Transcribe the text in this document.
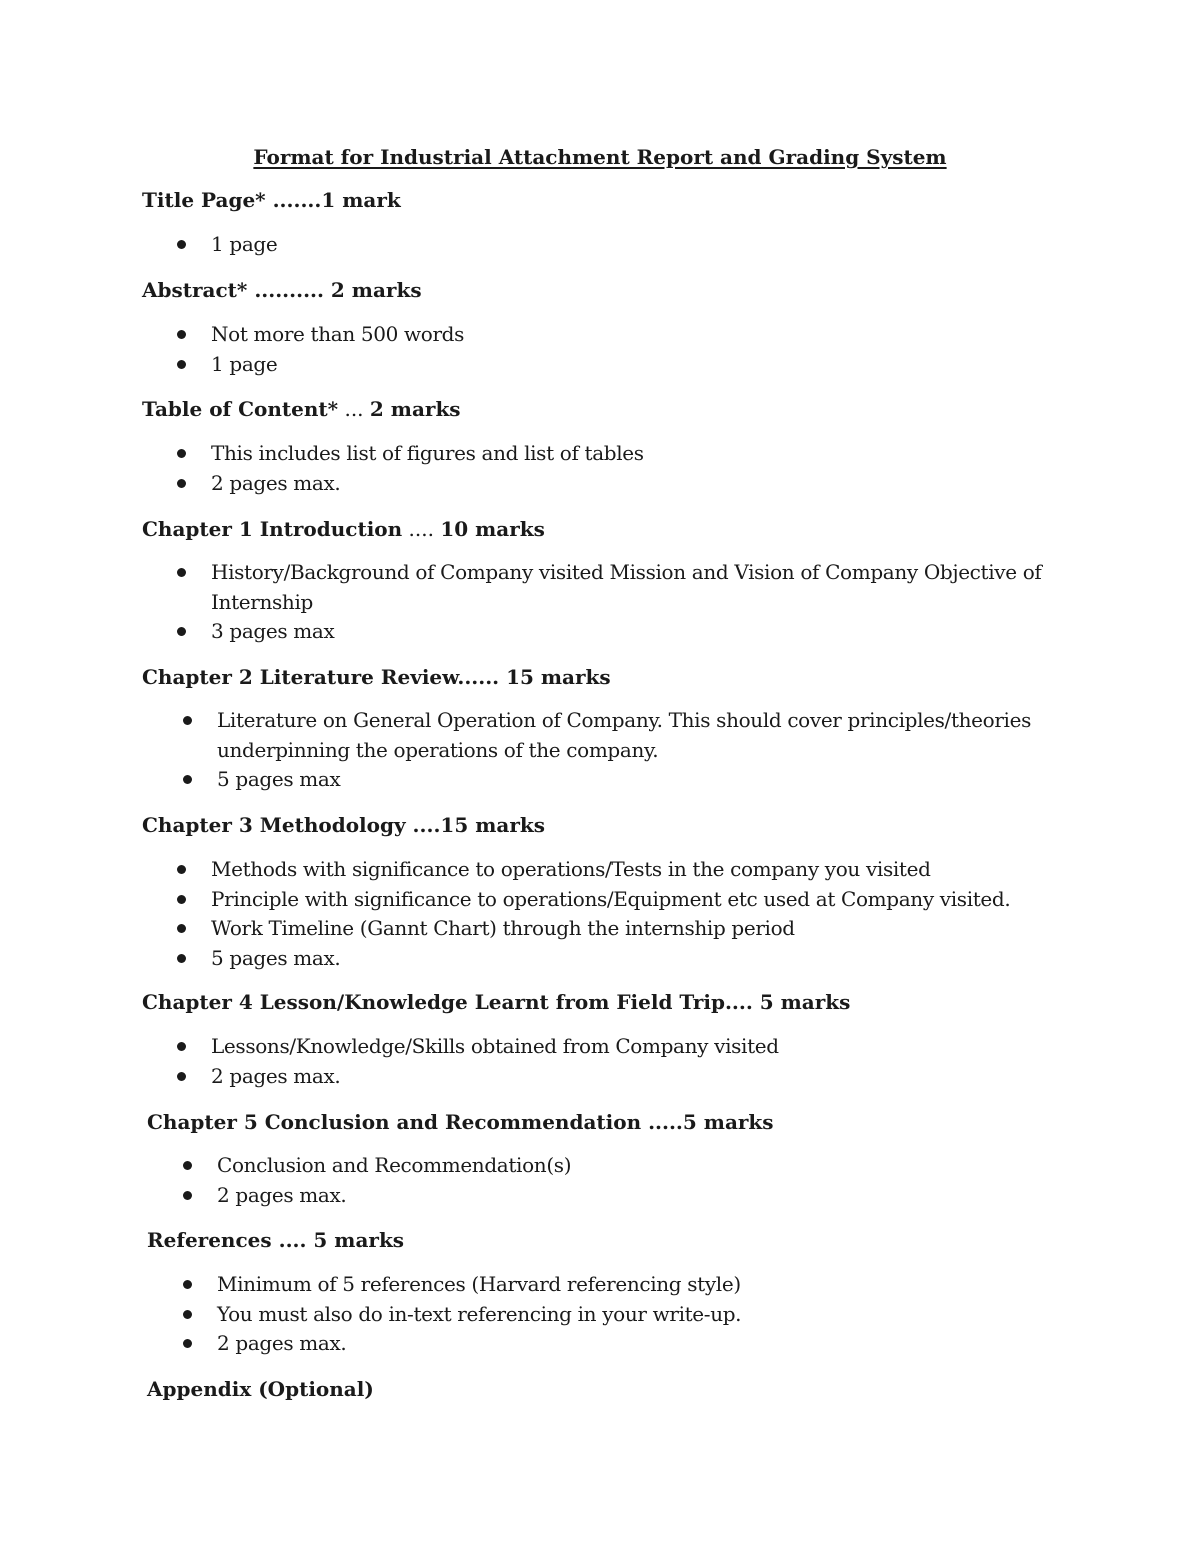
Format for Industrial Attachment Report and Grading System

Title Page* .......1 mark

1 page

Abstract* .......... 2 marks

Not more than 500 words
1 page

Table of Content* ... 2 marks

This includes list of figures and list of tables
2 pages max.

Chapter 1 Introduction .... 10 marks

History/Background of Company visited Mission and Vision of Company Objective of Internship
3 pages max

Chapter 2 Literature Review...... 15 marks

Literature on General Operation of Company. This should cover principles/theories underpinning the operations of the company.
5 pages max

Chapter 3 Methodology ....15 marks

Methods with significance to operations/Tests in the company you visited
Principle with significance to operations/Equipment etc used at Company visited.
Work Timeline (Gannt Chart) through the internship period
5 pages max.

Chapter 4 Lesson/Knowledge Learnt from Field Trip.... 5 marks

Lessons/Knowledge/Skills obtained from Company visited
2 pages max.

Chapter 5 Conclusion and Recommendation .....5 marks

Conclusion and Recommendation(s)
2 pages max.

References .... 5 marks

Minimum of 5 references (Harvard referencing style)
You must also do in-text referencing in your write-up.
2 pages max.

Appendix (Optional)
